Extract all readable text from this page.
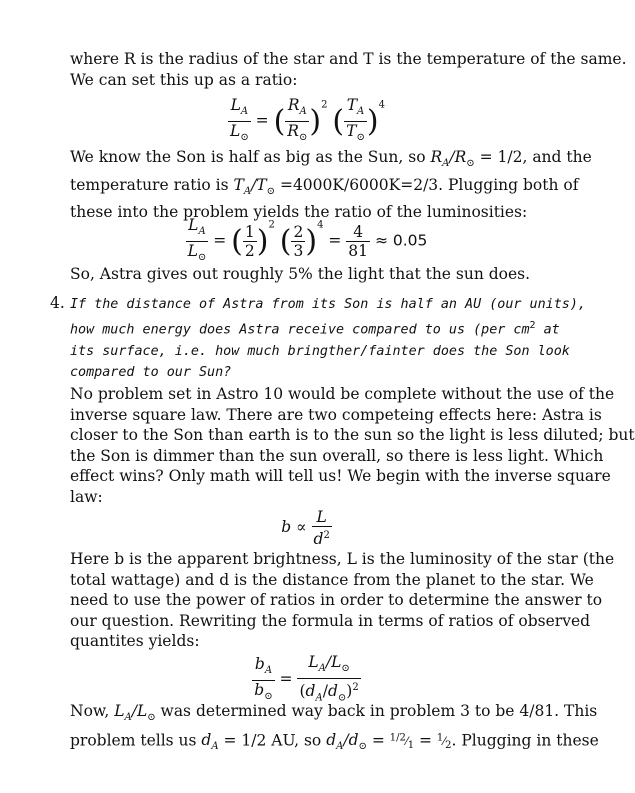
where R is the radius of the star and T is the temperature of the same.
We can set this up as a ratio:
$\frac{L_A}{L_⊙}$ = ( $\frac{R_A}{R_⊙} )^2$ ( $\frac{T_A}{T_⊙} )^4$
We know the Son is half as big as the Sun, so $R_A/R_⊙ = 1/2$, and the
temperature ratio is $T_A/T_⊙ =4000K/6000K=2/3$. Plugging both of
these into the problem yields the ratio of the luminosities:
$\frac{L_A}{L_⊙}$ = ( $\frac{1}{2} )^2$ ( $\frac{2}{3} )^4 = \frac{4}{81} \approx 0.05$
So, Astra gives out roughly 5% the light that the sun does.
4. If the distance of Astra from its Son is half an AU (our units),
how much energy does Astra receive compared to us (per $cm^2$ at
its surface, i.e. how much bringther/fainter does the Son look
compared to our Sun?
No problem set in Astro 10 would be complete without the use of the
inverse square law. There are two competeing effects here: Astra is
closer to the Son than earth is to the sun so the light is less diluted; but
the Son is dimmer than the sun overall, so there is less light. Which
effect wins? Only math will tell us! We begin with the inverse square
law:
$b \propto \frac{L}{d^2}$
Here b is the apparent brightness, L is the luminosity of the star (the
total wattage) and d is the distance from the planet to the star. We
need to use the power of ratios in order to determine the answer to
our question. Rewriting the formula in terms of ratios of observed
quantites yields:
$\frac{b_A}{b_⊙} = \frac{L_A/L_⊙}{(d_A/d_⊙)^2}$
Now, $L_A/L_⊙$ was determined way back in problem 3 to be 4/81. This
problem tells us $d_A = 1/2$ AU, so $d_A/d_⊙$ = $^{1/2}⁄_1$ = $^1⁄_2$. Plugging in these
